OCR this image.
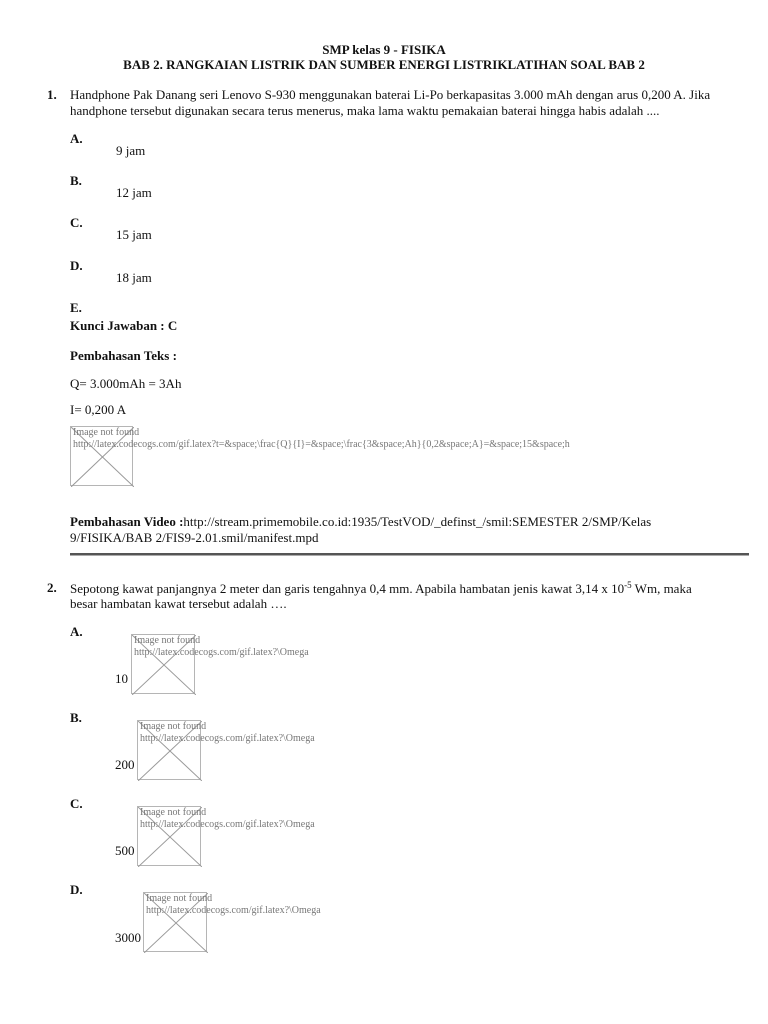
SMP kelas 9 - FISIKA
BAB 2. RANGKAIAN LISTRIK DAN SUMBER ENERGI LISTRIKLATIHAN SOAL BAB 2
1. Handphone Pak Danang seri Lenovo S-930 menggunakan baterai Li-Po berkapasitas 3.000 mAh dengan arus 0,200 A. Jika
handphone tersebut digunakan secara terus menerus, maka lama waktu pemakaian baterai hingga habis adalah ....
A.
9 jam
B.
12 jam
C.
15 jam
D.
18 jam
E.
Kunci Jawaban : C
Pembahasan Teks :
Q= 3.000mAh = 3Ah
I= 0,200 A
Image not found
http://latex.codecogs.com/gif.latex?t=&space;\frac{Q}{I}=&space;\frac{3&space;Ah}{0,2&space;A}=&space;15&space;h
Pembahasan Video :http://stream.primemobile.co.id:1935/TestVOD/_definst_/smil:SEMESTER 2/SMP/Kelas
9/FISIKA/BAB 2/FIS9-2.01.smil/manifest.mpd
2. Sepotong kawat panjangnya 2 meter dan garis tengahnya 0,4 mm. Apabila hambatan jenis kawat 3,14 x $10^{-5}$ Wm, maka
besar hambatan kawat tersebut adalah ….
A.
Image not found
http://latex.codecogs.com/gif.latex?\Omega
10
B.
Image not found
http://latex.codecogs.com/gif.latex?\Omega
200
C.
Image not found
http://latex.codecogs.com/gif.latex?\Omega
500
D.
Image not found
http://latex.codecogs.com/gif.latex?\Omega
3000
